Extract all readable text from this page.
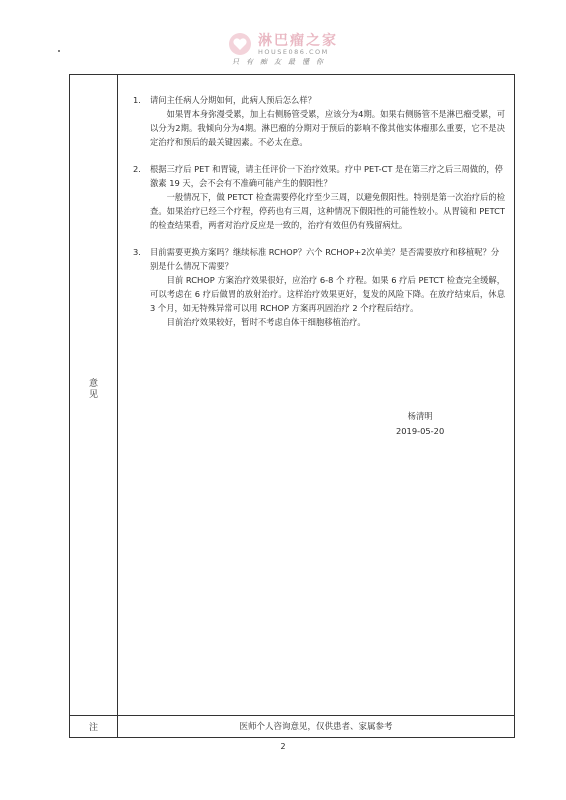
淋巴瘤之家
HOUSE086.COM
只有痴友最懂你
意
见
1. 请问主任病人分期如何，此病人预后怎么样？
如果胃本身弥漫受累，加上右侧肠管受累，应该分为4期。如果右侧肠管不是淋巴瘤受累，可以分为2期。我倾向分为4期。淋巴瘤的分期对于预后的影响不像其他实体瘤那么重要，它不是决定治疗和预后的最关键因素。不必太在意。
2. 根据三疗后 PET 和胃镜，请主任评价一下治疗效果。疗中 PET-CT 是在第三疗之后三周做的，停激素 19 天，会不会有不准确可能产生的假阳性？
一般情况下，做 PETCT 检查需要停化疗至少三周，以避免假阳性。特别是第一次治疗后的检查。如果治疗已经三个疗程，停药也有三周，这种情况下假阳性的可能性较小。从胃镜和 PETCT 的检查结果看，两者对治疗反应是一致的，治疗有效但仍有残留病灶。
3. 目前需要更换方案吗？继续标准 RCHOP？六个 RCHOP+2次单美？是否需要放疗和移植呢？分别是什么情况下需要？
目前 RCHOP 方案治疗效果很好，应治疗 6-8 个 疗程。如果 6 疗后 PETCT 检查完全缓解，可以考虑在 6 疗后做胃的放射治疗。这样治疗效果更好，复发的风险下降。在放疗结束后，休息 3 个月，如无特殊异常可以用 RCHOP 方案再巩固治疗 2 个疗程后结疗。
目前治疗效果较好，暂时不考虑自体干细胞移植治疗。
杨清明
2019-05-20
注	医师个人咨询意见，仅供患者、家属参考
2
